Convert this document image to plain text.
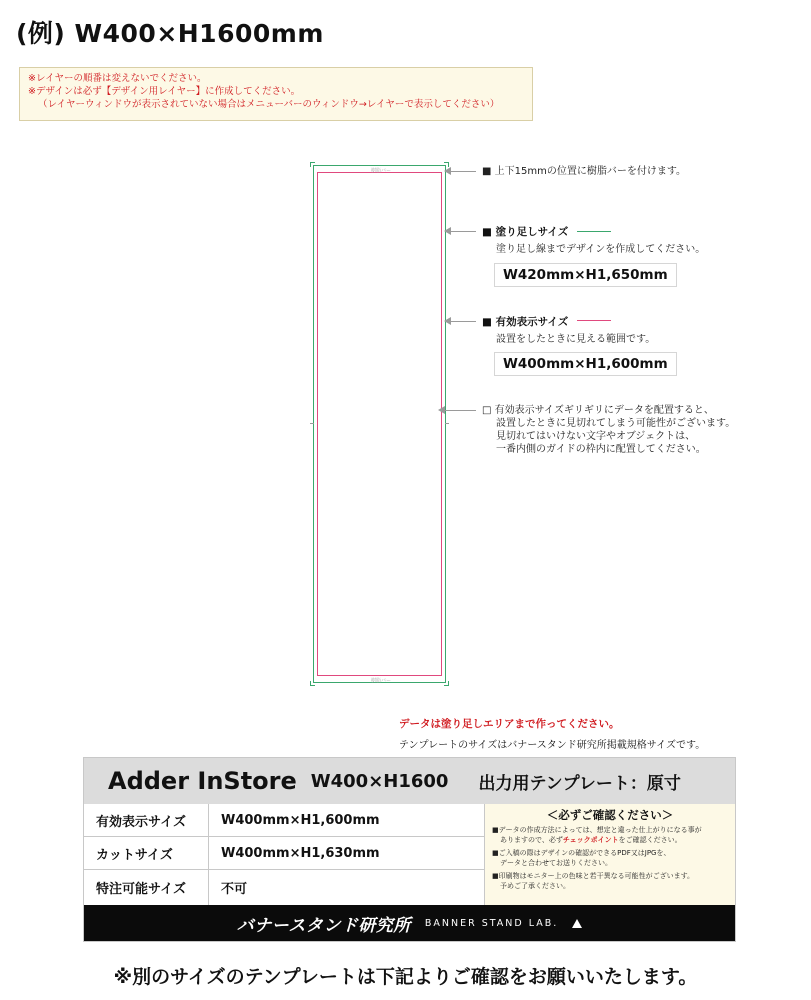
(例) W400×H1600mm
※レイヤーの順番は変えないでください。
※デザインは必ず【デザイン用レイヤー】に作成してください。
（レイヤーウィンドウが表示されていない場合はメニューバーのウィンドウ→レイヤーで表示してください）
樹脂バー
樹脂バー
■ 上下15mmの位置に樹脂バーを付けます。
■ 塗り足しサイズ
塗り足し線までデザインを作成してください。
W420mm×H1,650mm
■ 有効表示サイズ
設置をしたときに見える範囲です。
W400mm×H1,600mm
□ 有効表示サイズギリギリにデータを配置すると、
設置したときに見切れてしまう可能性がございます。
見切れてはいけない文字やオブジェクトは、
一番内側のガイドの枠内に配置してください。
データは塗り足しエリアまで作ってください。
テンプレートのサイズはバナースタンド研究所掲載規格サイズです。
Adder InStore W400×H1600 出力用テンプレート：原寸
有効表示サイズ	W400mm×H1,600mm
カットサイズ	W400mm×H1,630mm
特注可能サイズ	不可
＜必ずご確認ください＞
■データの作成方法によっては、想定と違った仕上がりになる事が
ありますので、必ずチェックポイントをご確認ください。
■ご入稿の際はデザインの確認ができるPDF又はJPGを、
データと合わせてお送りください。
■印刷物はモニター上の色味と若干異なる可能性がございます。
予めご了承ください。
バナースタンド研究所 BANNER STAND LAB.
※別のサイズのテンプレートは下記よりご確認をお願いいたします。
